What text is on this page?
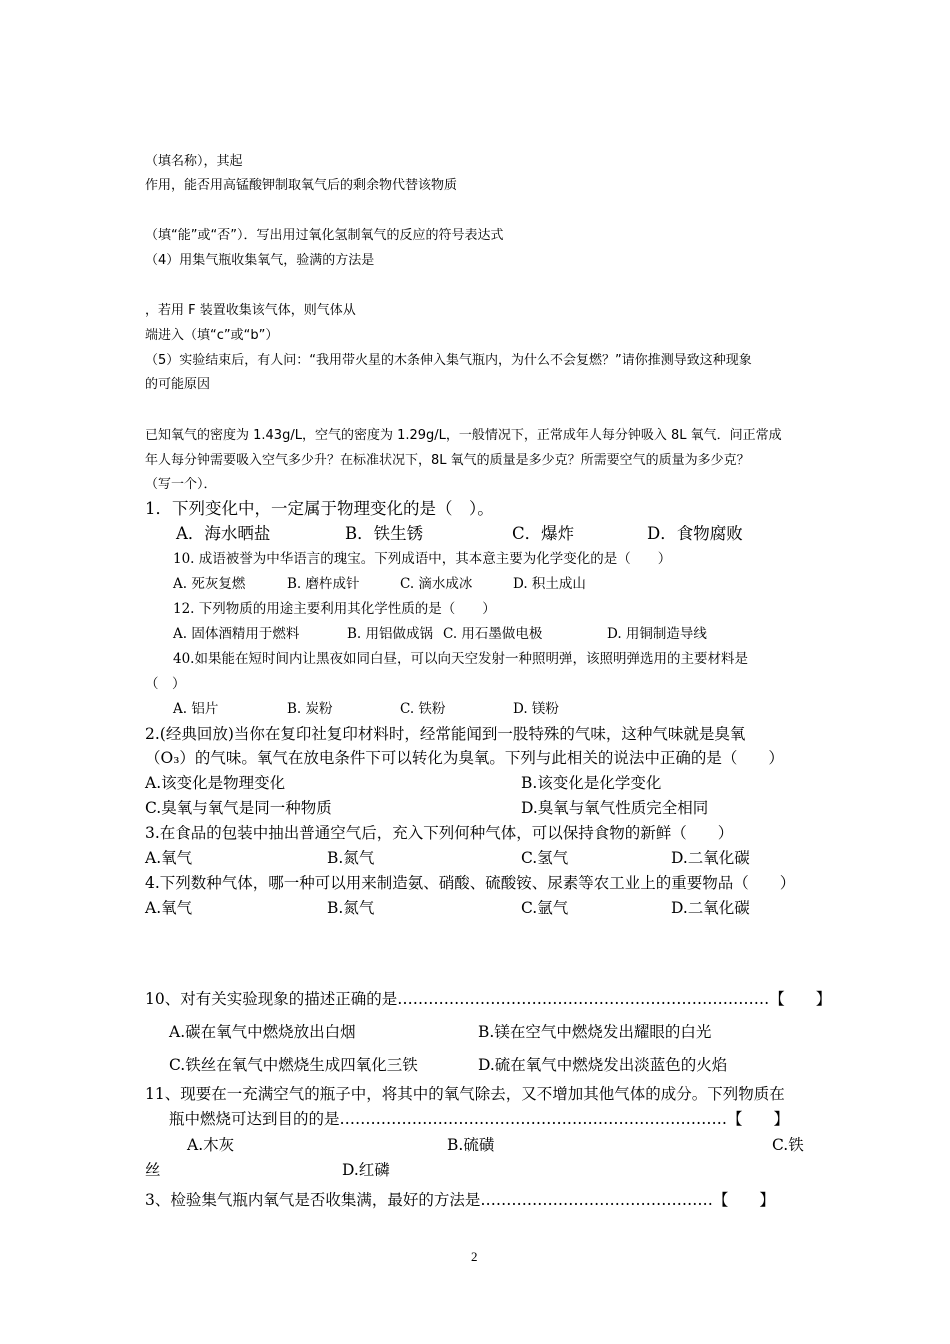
（填名称），其起
作用，能否用高锰酸钾制取氧气后的剩余物代替该物质
（填“能”或“否”）．写出用过氧化氢制氧气的反应的符号表达式
（4）用集气瓶收集氧气，验满的方法是
，若用 F 装置收集该气体，则气体从
端进入（填“c”或“b”）
（5）实验结束后，有人问：“我用带火星的木条伸入集气瓶内，为什么不会复燃？”请你推测导致这种现象
的可能原因
已知氧气的密度为 1.43g/L，空气的密度为 1.29g/L，一般情况下，正常成年人每分钟吸入 8L 氧气．问正常成
年人每分钟需要吸入空气多少升？在标准状况下，8L 氧气的质量是多少克？所需要空气的质量为多少克？
（写一个）．
1．下列变化中，一定属于物理变化的是（　）。
A．海水晒盐	B．铁生锈	C．爆炸	D．食物腐败
10. 成语被誉为中华语言的瑰宝。下列成语中，其本意主要为化学变化的是（　　）
A. 死灰复燃	B. 磨杵成针	C. 滴水成冰	D. 积土成山
12. 下列物质的用途主要利用其化学性质的是（　　）
A. 固体酒精用于燃料	B. 用铝做成锅 C. 用石墨做电极	D. 用铜制造导线
40.如果能在短时间内让黑夜如同白昼，可以向天空发射一种照明弹，该照明弹选用的主要材料是
（　）
A. 铝片	B. 炭粉	C. 铁粉	D. 镁粉
2.(经典回放)当你在复印社复印材料时，经常能闻到一股特殊的气味，这种气味就是臭氧
（O₃）的气味。氧气在放电条件下可以转化为臭氧。下列与此相关的说法中正确的是（　　）
A.该变化是物理变化	B.该变化是化学变化
C.臭氧与氧气是同一种物质	D.臭氧与氧气性质完全相同
3.在食品的包装中抽出普通空气后，充入下列何种气体，可以保持食物的新鲜（　　）
A.氧气	B.氮气	C.氢气	D.二氧化碳
4.下列数种气体，哪一种可以用来制造氨、硝酸、硫酸铵、尿素等农工业上的重要物品（　　）
A.氧气	B.氮气	C.氩气	D.二氧化碳
10、对有关实验现象的描述正确的是………………………………………………………………【　　】
A.碳在氧气中燃烧放出白烟	B.镁在空气中燃烧发出耀眼的白光
C.铁丝在氧气中燃烧生成四氧化三铁	D.硫在氧气中燃烧发出淡蓝色的火焰
11、现要在一充满空气的瓶子中，将其中的氧气除去，又不增加其他气体的成分。下列物质在
瓶中燃烧可达到目的的是…………………………………………………………………【　　】
A.木灰	B.硫磺	C.铁
丝	D.红磷
3、检验集气瓶内氧气是否收集满，最好的方法是………………………………………【　　】
2
